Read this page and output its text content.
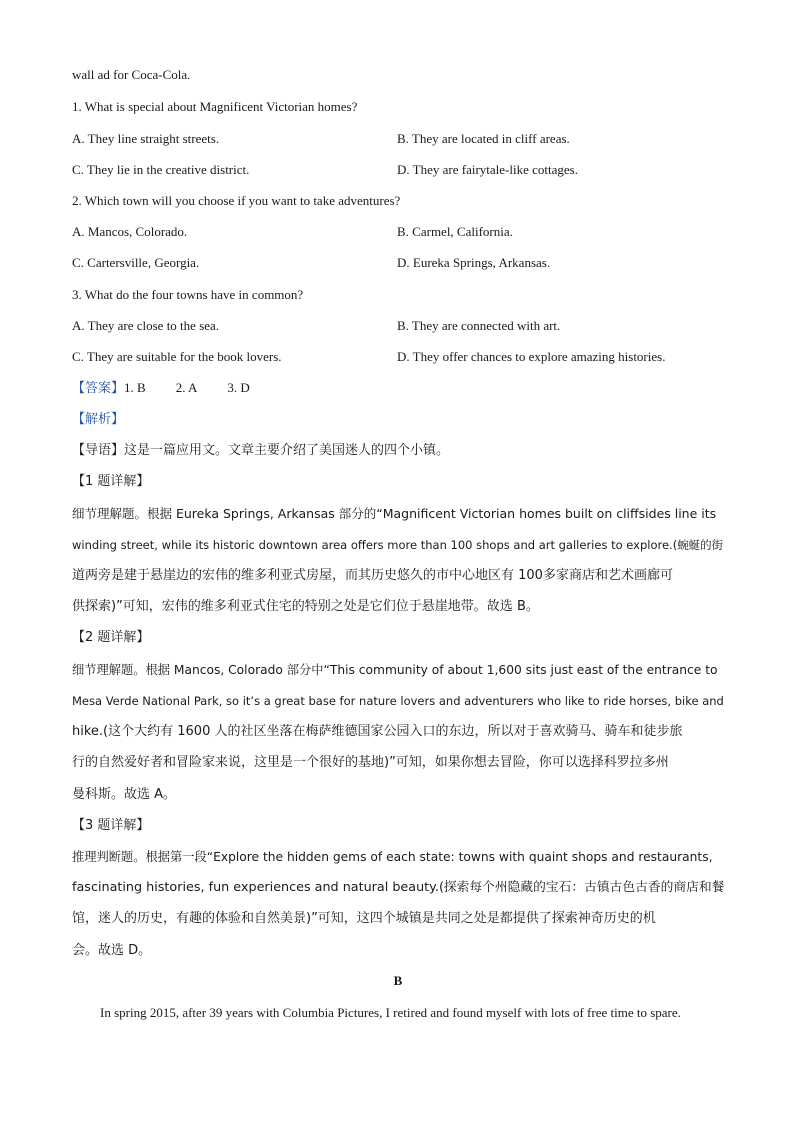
wall ad for Coca-Cola.
1. What is special about Magnificent Victorian homes?
A. They line straight streets.	B. They are located in cliff areas.
C. They lie in the creative district.	D. They are fairytale-like cottages.
2. Which town will you choose if you want to take adventures?
A. Mancos, Colorado.	B. Carmel, California.
C. Cartersville, Georgia.	D. Eureka Springs, Arkansas.
3. What do the four towns have in common?
A. They are close to the sea.	B. They are connected with art.
C. They are suitable for the book lovers.	D. They offer chances to explore amazing histories.
【答案】1. B 2. A 3. D
【解析】
【导语】这是一篇应用文。文章主要介绍了美国迷人的四个小镇。
【1 题详解】
细节理解题。根据 Eureka Springs, Arkansas 部分的“Magnificent Victorian homes built on cliffsides line its
winding street, while its historic downtown area offers more than 100 shops and art galleries to explore.(蜿蜒的街
道两旁是建于悬崖边的宏伟的维多利亚式房屋，而其历史悠久的市中心地区有 100多家商店和艺术画廊可
供探索)”可知，宏伟的维多利亚式住宅的特别之处是它们位于悬崖地带。故选 B。
【2 题详解】
细节理解题。根据 Mancos, Colorado 部分中“This community of about 1,600 sits just east of the entrance to
Mesa Verde National Park, so it’s a great base for nature lovers and adventurers who like to ride horses, bike and
hike.(这个大约有 1600 人的社区坐落在梅萨维德国家公园入口的东边，所以对于喜欢骑马、骑车和徒步旅
行的自然爱好者和冒险家来说，这里是一个很好的基地)”可知，如果你想去冒险，你可以选择科罗拉多州
曼科斯。故选 A。
【3 题详解】
推理判断题。根据第一段“Explore the hidden gems of each state: towns with quaint shops and restaurants,
fascinating histories, fun experiences and natural beauty.(探索每个州隐藏的宝石：古镇古色古香的商店和餐
馆，迷人的历史，有趣的体验和自然美景)”可知，这四个城镇是共同之处是都提供了探索神奇历史的机
会。故选 D。
B
In spring 2015, after 39 years with Columbia Pictures, I retired and found myself with lots of free time to spare.
